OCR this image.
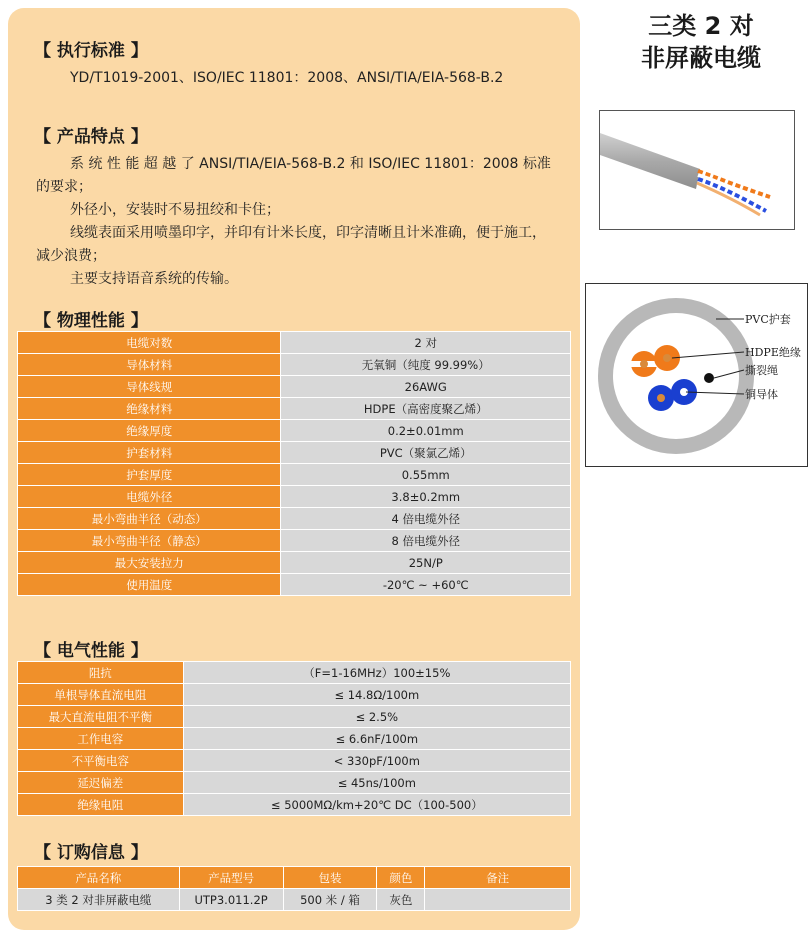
【 执行标准 】

YD/T1019-2001、ISO/IEC 11801：2008、ANSI/TIA/EIA-568-B.2

【 产品特点 】

系 统 性 能 超 越 了 ANSI/TIA/EIA-568-B.2 和 ISO/IEC 11801：2008 标准的要求；

外径小，安装时不易扭绞和卡住；

线缆表面采用喷墨印字，并印有计米长度，印字清晰且计米准确，便于施工，减少浪费；

主要支持语音系统的传输。

【 物理性能 】
电缆对数	2 对
导体材料	无氧铜（纯度 99.99%）
导体线规	26AWG
绝缘材料	HDPE（高密度聚乙烯）
绝缘厚度	0.2±0.01mm
护套材料	PVC（聚氯乙烯）
护套厚度	0.55mm
电缆外径	3.8±0.2mm
最小弯曲半径（动态）	4 倍电缆外径
最小弯曲半径（静态）	8 倍电缆外径
最大安装拉力	25N/P
使用温度	-20℃ ~ +60℃
【 电气性能 】
阻抗	（F=1-16MHz）100±15%
单根导体直流电阻	≤ 14.8Ω/100m
最大直流电阻不平衡	≤ 2.5%
工作电容	≤ 6.6nF/100m
不平衡电容	< 330pF/100m
延迟偏差	≤ 45ns/100m
绝缘电阻	≤ 5000MΩ/km+20℃ DC（100-500）
【 订购信息 】
产品名称	产品型号	包装	颜色	备注
3 类 2 对非屏蔽电缆	UTP3.011.2P	500 米 / 箱	灰色	
三类 2 对
非屏蔽电缆
PVC护套
HDPE绝缘
撕裂绳
铜导体
